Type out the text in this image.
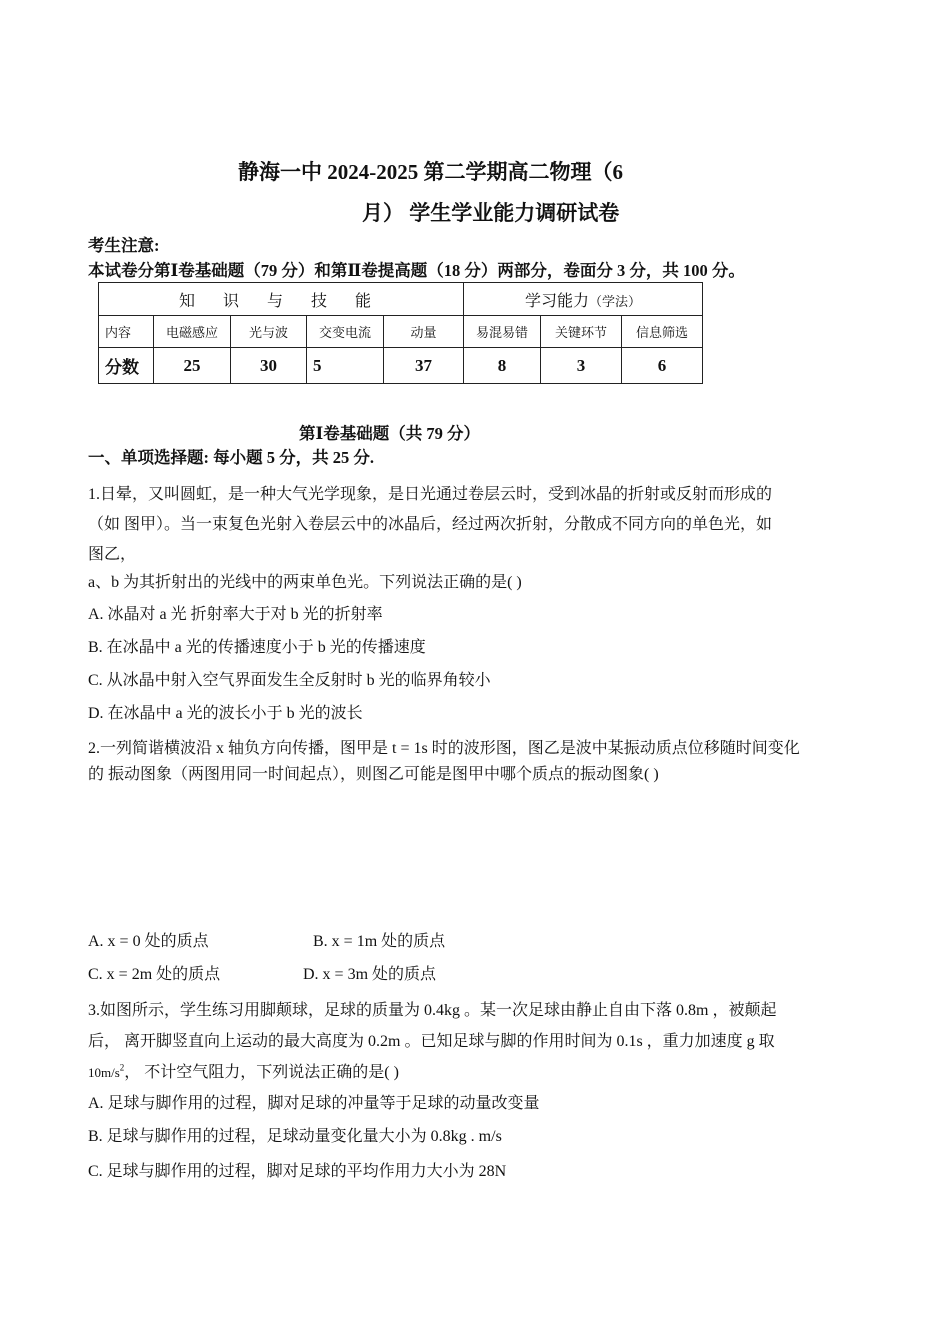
静海一中 2024-2025 第二学期高二物理（6
月） 学生学业能力调研试卷
考生注意:
本试卷分第Ⅰ卷基础题（79 分）和第Ⅱ卷提高题（18 分）两部分，卷面分 3 分，共 100 分。
知 识 与 技 能					学习能力（学法）		
内容	电磁感应	光与波	交变电流	动量	易混易错	关键环节	信息筛选
分数	25	30	5	37	8	3	6
第Ⅰ卷基础题（共 79 分）
一、单项选择题: 每小题 5 分，共 25 分.
1.日晕，又叫圆虹，是一种大气光学现象，是日光通过卷层云时，受到冰晶的折射或反射而形成的
（如 图甲）。当一束复色光射入卷层云中的冰晶后，经过两次折射，分散成不同方向的单色光，如
图乙，
a、b 为其折射出的光线中的两束单色光。下列说法正确的是( )
A. 冰晶对 a 光 折射率大于对 b 光的折射率
B. 在冰晶中 a 光的传播速度小于 b 光的传播速度
C. 从冰晶中射入空气界面发生全反射时 b 光的临界角较小
D. 在冰晶中 a 光的波长小于 b 光的波长
2.一列简谐横波沿 x 轴负方向传播，图甲是 t = 1s 时的波形图，图乙是波中某振动质点位移随时间变化
的 振动图象（两图用同一时间起点），则图乙可能是图甲中哪个质点的振动图象( )
A. x = 0 处的质点	B. x = 1m 处的质点
C. x = 2m 处的质点	D. x = 3m 处的质点
3.如图所示，学生练习用脚颠球，足球的质量为 0.4kg 。某一次足球由静止自由下落 0.8m ，被颠起
后， 离开脚竖直向上运动的最大高度为 0.2m 。已知足球与脚的作用时间为 0.1s ，重力加速度 g 取
$10m/s^2$， 不计空气阻力，下列说法正确的是( )
A. 足球与脚作用的过程，脚对足球的冲量等于足球的动量改变量
B. 足球与脚作用的过程，足球动量变化量大小为 0.8kg . m/s
C. 足球与脚作用的过程，脚对足球的平均作用力大小为 28N
